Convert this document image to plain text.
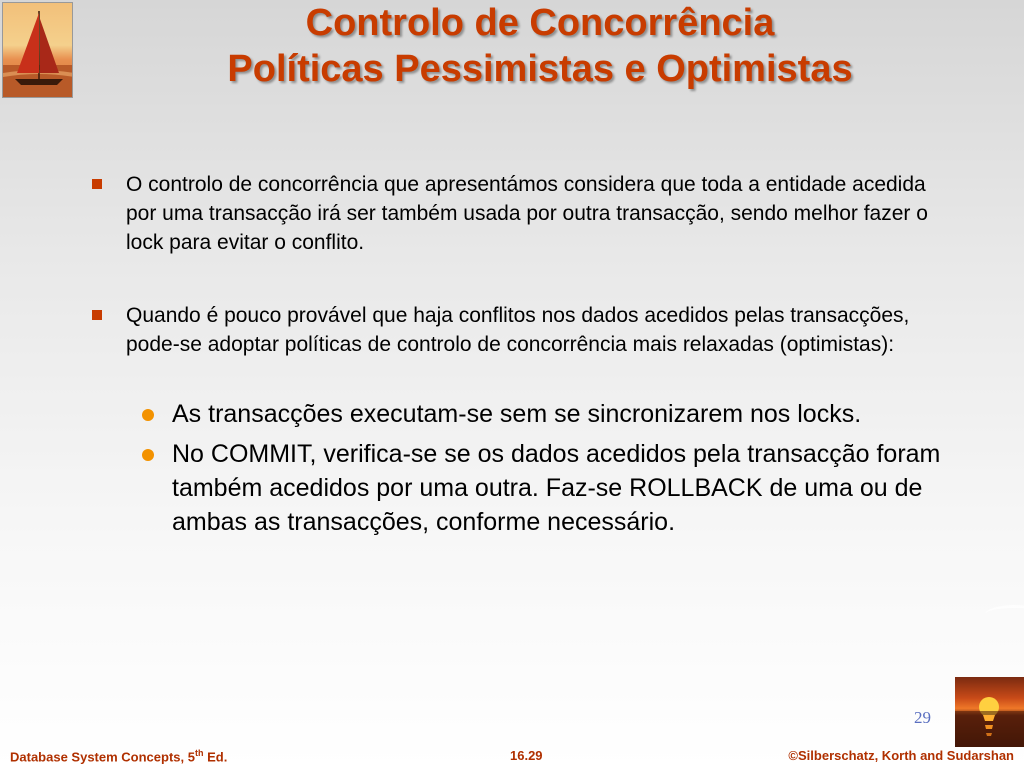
Controlo de Concorrência
Políticas Pessimistas e Optimistas
O controlo de concorrência que apresentámos considera que toda a entidade acedida por uma transacção irá ser também usada por outra transacção, sendo melhor fazer o lock para evitar o conflito.
Quando é pouco provável que haja conflitos nos dados acedidos pelas transacções, pode-se adoptar políticas de controlo de concorrência mais relaxadas (optimistas):
As transacções executam-se sem se sincronizarem nos locks.
No COMMIT, verifica-se se os dados acedidos pela transacção foram também acedidos por uma outra. Faz-se ROLLBACK de uma ou de ambas as transacções, conforme necessário.
29
Database System Concepts, 5th Ed.	16.29	©Silberschatz, Korth and Sudarshan
